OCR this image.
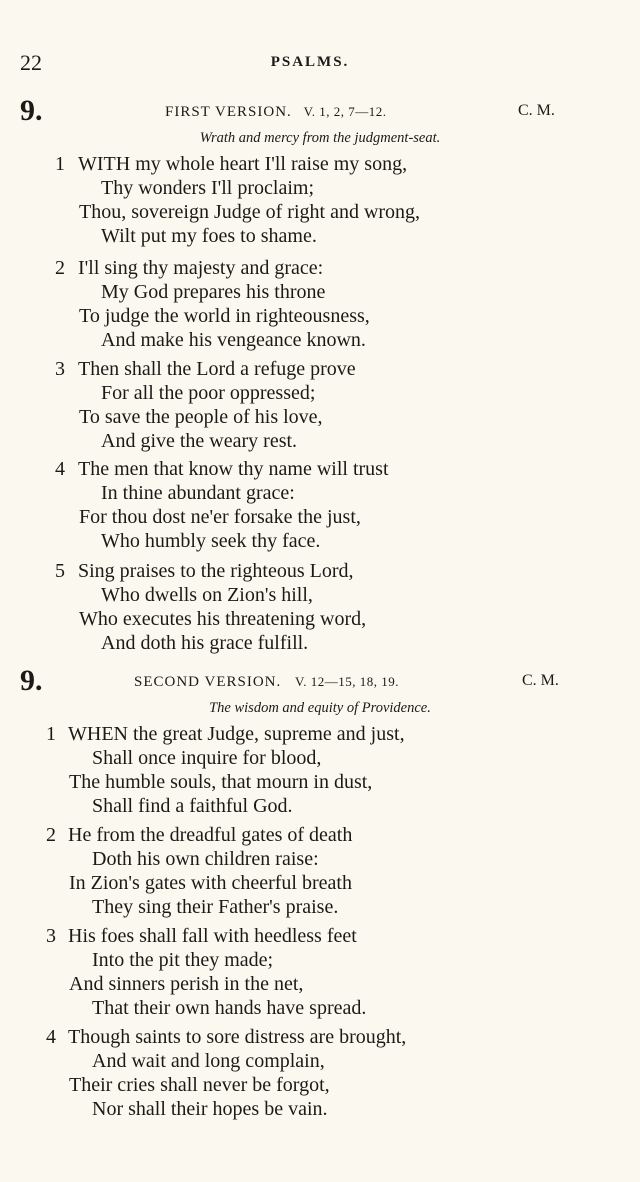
22	PSALMS.
9.	FIRST VERSION. V. 1, 2, 7—12.	C. M.
Wrath and mercy from the judgment-seat.
1 WITH my whole heart I'll raise my song,
Thy wonders I'll proclaim;
Thou, sovereign Judge of right and wrong,
Wilt put my foes to shame.
2 I'll sing thy majesty and grace:
My God prepares his throne
To judge the world in righteousness,
And make his vengeance known.
3 Then shall the Lord a refuge prove
For all the poor oppressed;
To save the people of his love,
And give the weary rest.
4 The men that know thy name will trust
In thine abundant grace:
For thou dost ne'er forsake the just,
Who humbly seek thy face.
5 Sing praises to the righteous Lord,
Who dwells on Zion's hill,
Who executes his threatening word,
And doth his grace fulfill.
9.	SECOND VERSION. V. 12—15, 18, 19.	C. M.
The wisdom and equity of Providence.
1 WHEN the great Judge, supreme and just,
Shall once inquire for blood,
The humble souls, that mourn in dust,
Shall find a faithful God.
2 He from the dreadful gates of death
Doth his own children raise:
In Zion's gates with cheerful breath
They sing their Father's praise.
3 His foes shall fall with heedless feet
Into the pit they made;
And sinners perish in the net,
That their own hands have spread.
4 Though saints to sore distress are brought,
And wait and long complain,
Their cries shall never be forgot,
Nor shall their hopes be vain.
